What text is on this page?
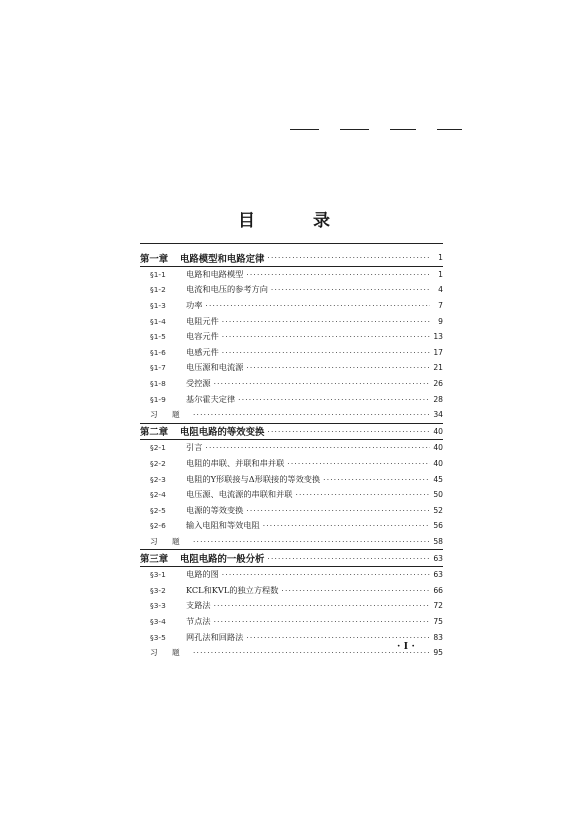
目 录
第一章	电路模型和电路定律 ·····	1
§1-1	电路和电路模型 ·····	1
§1-2	电流和电压的参考方向 ·····	4
§1-3	功率 ·····	7
§1-4	电阻元件 ·····	9
§1-5	电容元件 ·····	13
§1-6	电感元件 ·····	17
§1-7	电压源和电流源 ·····	21
§1-8	受控源 ·····	26
§1-9	基尔霍夫定律 ·····	28
习 题 ·····	34
第二章	电阻电路的等效变换 ·····	40
§2-1	引言 ·····	40
§2-2	电阻的串联、并联和串并联 ·····	40
§2-3	电阻的Y形联接与Δ形联接的等效变换 ·····	45
§2-4	电压源、电流源的串联和并联 ·····	50
§2-5	电源的等效变换 ·····	52
§2-6	输入电阻和等效电阻 ·····	56
习 题 ·····	58
第三章	电阻电路的一般分析 ·····	63
§3-1	电路的图 ·····	63
§3-2	KCL和KVL的独立方程数 ·····	66
§3-3	支路法 ·····	72
§3-4	节点法 ·····	75
§3-5	网孔法和回路法 ·····	83
习 题 ·····	95
· I ·
